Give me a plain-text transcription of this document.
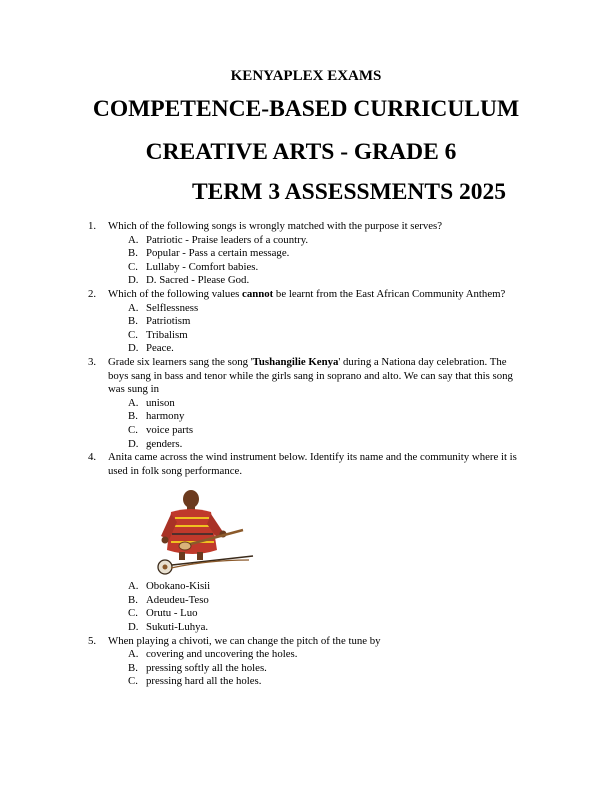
KENYAPLEX EXAMS
COMPETENCE-BASED CURRICULUM
CREATIVE ARTS - GRADE 6
TERM 3 ASSESSMENTS 2025
1.	Which of the following songs is wrongly matched with the purpose it serves?
A. Patriotic - Praise leaders of a country.
B. Popular - Pass a certain message.
C. Lullaby - Comfort babies.
D. D. Sacred - Please God.
2.	Which of the following values cannot be learnt from the East African Community Anthem?
A. Selflessness
B. Patriotism
C. Tribalism
D. Peace.
3.	Grade six learners sang the song 'Tushangilie Kenya' during a Nationa day celebration. The boys sang in bass and tenor while the girls sang in soprano and alto. We can say that this song was sung in
A. unison
B. harmony
C. voice parts
D. genders.
4.	Anita came across the wind instrument below. Identify its name and the community where it is used in folk song performance.
A. Obokano-Kisii
B. Adeudeu-Teso
C. Orutu - Luo
D. Sukuti-Luhya.
5.	When playing a chivoti, we can change the pitch of the tune by
A. covering and uncovering the holes.
B. pressing softly all the holes.
C. pressing hard all the holes.
